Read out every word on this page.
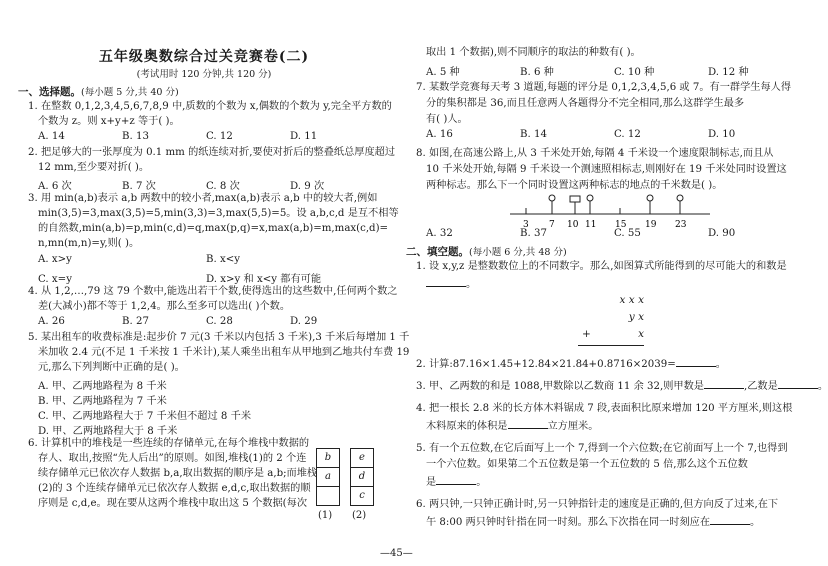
五年级奥数综合过关竞赛卷(二)
(考试用时 120 分钟,共 120 分)
一、选择题。(每小题 5 分,共 40 分)
1. 在整数 0,1,2,3,4,5,6,7,8,9 中,质数的个数为 x,偶数的个数为 y,完全平方数的
个数为 z。则 x+y+z 等于( )。
A. 14	B. 13	C. 12	D. 11
2. 把足够大的一张厚度为 0.1 mm 的纸连续对折,要使对折后的整叠纸总厚度超过
12 mm,至少要对折( )。
A. 6 次	B. 7 次	C. 8 次	D. 9 次
3. 用 min(a,b)表示 a,b 两数中的较小者,max(a,b)表示 a,b 中的较大者,例如
min(3,5)=3,max(3,5)=5,min(3,3)=3,max(5,5)=5。设 a,b,c,d 是互不相等
的自然数,min(a,b)=p,min(c,d)=q,max(p,q)=x,max(a,b)=m,max(c,d)=
n,mn(m,n)=y,则( )。
A. x>y	B. x<y
C. x=y	D. x>y 和 x<y 都有可能
4. 从 1,2,…,79 这 79 个数中,能选出若干个数,使得选出的这些数中,任何两个数之
差(大减小)都不等于 1,2,4。那么至多可以选出( )个数。
A. 26	B. 27	C. 28	D. 29
5. 某出租车的收费标准是:起步价 7 元(3 千米以内包括 3 千米),3 千米后每增加 1 千
米加收 2.4 元(不足 1 千米按 1 千米计),某人乘坐出租车从甲地到乙地共付车费 19
元,那么下列判断中正确的是( )。
A. 甲、乙两地路程为 8 千米
B. 甲、乙两地路程为 7 千米
C. 甲、乙两地路程大于 7 千米但不超过 8 千米
D. 甲、乙两地路程大于 8 千米
6. 计算机中的堆栈是一些连续的存储单元,在每个堆栈中数据的
存人、取出,按照“先人后出”的原则。如图,堆栈(1)的 2 个连
续存储单元已依次存人数据 b,a,取出数据的顺序是 a,b;而堆栈
(2)的 3 个连续存储单元已依次存人数据 e,d,c,取出数据的顺
序则是 c,d,e。现在要从这两个堆栈中取出这 5 个数据(每次
b
a
e
d
c
(1) (2)
取出 1 个数据),则不同顺序的取法的种数有( )。
A. 5 种	B. 6 种	C. 10 种	D. 12 种
7. 某数学竞赛每天考 3 道题,每题的评分是 0,1,2,3,4,5,6 或 7。有一群学生每人得
分的集积都是 36,而且任意两人各题得分不完全相同,那么这群学生最多
有( )人。
A. 16	B. 14	C. 12	D. 10
8. 如图,在高速公路上,从 3 千米处开始,每隔 4 千米设一个速度限制标志,而且从
10 千米处开始,每隔 9 千米设一个测速照相标志,则刚好在 19 千米处同时设置这
两种标志。那么下一个同时设置这两种标志的地点的千米数是( )。
3 7 10 11 15 19 23
A. 32	B. 37	C. 55	D. 90
二、填空题。(每小题 6 分,共 48 分)
1. 设 x,y,z 是整数数位上的不同数字。那么,如图算式所能得到的尽可能大的和数是
。
x x x
y x
+	x
2. 计算:87.16×1.45+12.84×21.84+0.8716×2039=	。
3. 甲、乙两数的和是 1088,甲数除以乙数商 11 余 32,则甲数是	,乙数是	。
4. 把一根长 2.8 米的长方体木料锯成 7 段,表面积比原来增加 120 平方厘米,则这根
木料原来的体积是	立方厘米。
5. 有一个五位数,在它后面写上一个 7,得到一个六位数;在它前面写上一个 7,也得到
一个六位数。如果第二个五位数是第一个五位数的 5 倍,那么这个五位数
是	。
6. 两只钟,一只钟正确计时,另一只钟指针走的速度是正确的,但方向反了过来,在下
午 8:00 两只钟时针指在同一时刻。那么下次指在同一时刻应在	。
—45—
